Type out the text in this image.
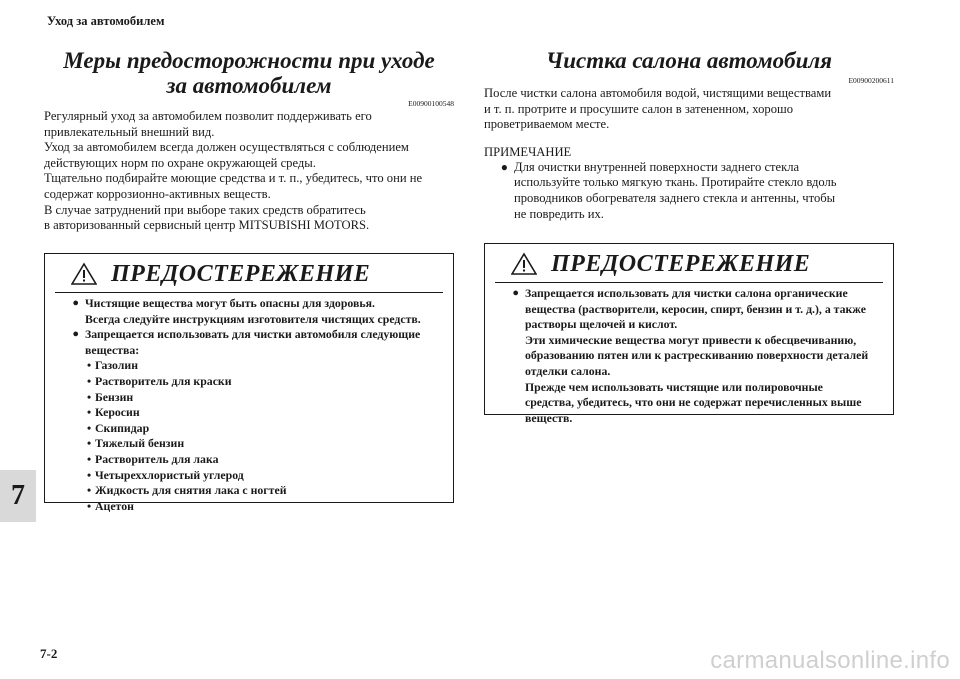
Уход за автомобилем
7
7-2	carmanualsonline.info
Меры предосторожности при уходе
за автомобилем
E00900100548

Регулярный уход за автомобилем позволит поддерживать его

привлекательный внешний вид.

Уход за автомобилем всегда должен осуществляться с соблюдением

действующих норм по охране окружающей среды.

Тщательно подбирайте моющие средства и т. п., убедитесь, что они не

содержат коррозионно-активных веществ.

В случае затруднений при выборе таких средств обратитесь

в авторизованный сервисный центр MITSUBISHI MOTORS.

ПРЕДОСТЕРЕЖЕНИЕ
● Чистящие вещества могут быть опасны для здоровья.
Всегда следуйте инструкциям изготовителя чистящих средств.
● Запрещается использовать для чистки автомобиля следующие
вещества:
• Газолин
• Растворитель для краски
• Бензин
• Керосин
• Скипидар
• Тяжелый бензин
• Растворитель для лака
• Четыреххлористый углерод
• Жидкость для снятия лака с ногтей
• Ацетон
Чистка салона автомобиля
E00900200611

После чистки салона автомобиля водой, чистящими веществами

и т. п. протрите и просушите салон в затененном, хорошо

проветриваемом месте.

ПРИМЕЧАНИЕ
● Для очистки внутренней поверхности заднего стекла
используйте только мягкую ткань. Протирайте стекло вдоль
проводников обогревателя заднего стекла и антенны, чтобы
не повредить их.
ПРЕДОСТЕРЕЖЕНИЕ
● Запрещается использовать для чистки салона органические
вещества (растворители, керосин, спирт, бензин и т. д.), а также
растворы щелочей и кислот.
Эти химические вещества могут привести к обесцвечиванию,
образованию пятен или к растрескиванию поверхности деталей
отделки салона.
Прежде чем использовать чистящие или полировочные
средства, убедитесь, что они не содержат перечисленных выше
веществ.
